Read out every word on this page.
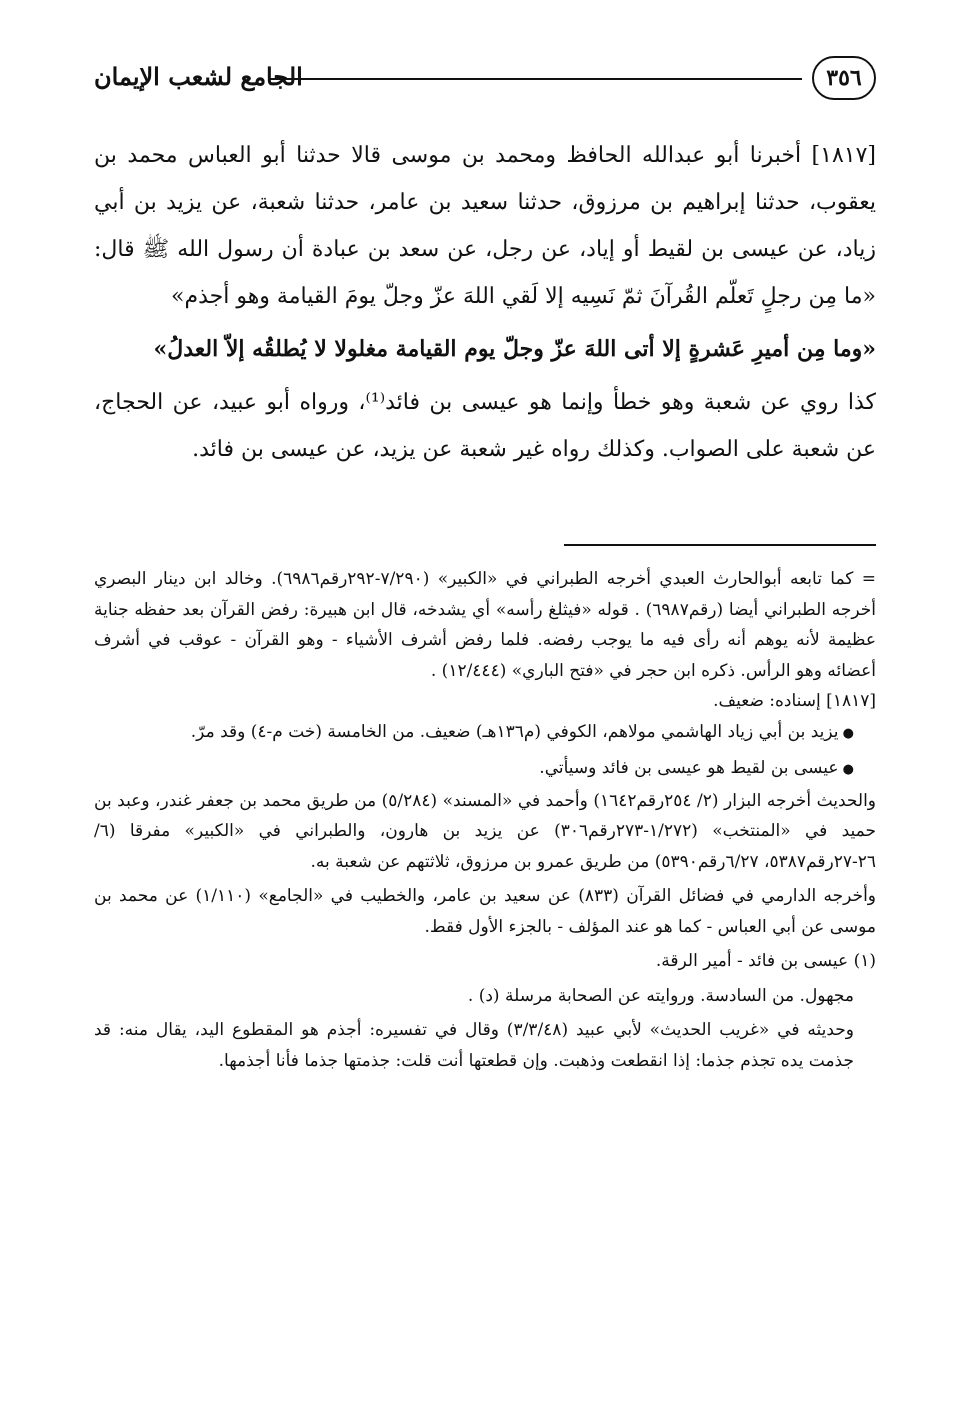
٣٥٦
الجامع لشعب الإيمان

[١٨١٧] أخبرنا أبو عبدالله الحافظ ومحمد بن موسى قالا حدثنا أبو العباس محمد بن يعقوب، حدثنا إبراهيم بن مرزوق، حدثنا سعيد بن عامر، حدثنا شعبة، عن يزيد بن أبي زياد، عن عيسى بن لقيط أو إياد، عن رجل، عن سعد بن عبادة أن رسول الله ﷺ قال: «ما مِن رجلٍ تَعلّم القُرآنَ ثمّ نَسِيه إلا لَقي اللهَ عزّ وجلّ يومَ القيامة وهو أجذم»

«وما مِن أميرِ عَشرةٍ إلا أتى اللهَ عزّ وجلّ يوم القيامة مغلولا لا يُطلقُه إلاّ العدلُ»

كذا روي عن شعبة وهو خطأ وإنما هو عيسى بن فائد⁽¹⁾، ورواه أبو عبيد، عن الحجاج، عن شعبة على الصواب. وكذلك رواه غير شعبة عن يزيد، عن عيسى بن فائد.

= كما تابعه أبوالحارث العبدي أخرجه الطبراني في «الكبير» (٧/٢٩٠-٢٩٢رقم٦٩٨٦). وخالد ابن دينار البصري أخرجه الطبراني أيضا (رقم٦٩٨٧) . قوله «فيثلغ رأسه» أي يشدخه، قال ابن هبيرة: رفض القرآن بعد حفظه جناية عظيمة لأنه يوهم أنه رأى فيه ما يوجب رفضه. فلما رفض أشرف الأشياء - وهو القرآن - عوقب في أشرف أعضائه وهو الرأس. ذكره ابن حجر في «فتح الباري» (١٢/٤٤٤) .

[١٨١٧] إسناده: ضعيف.

● يزيد بن أبي زياد الهاشمي مولاهم، الكوفي (م١٣٦هـ) ضعيف. من الخامسة (خت م-٤) وقد مرّ.

● عيسى بن لقيط هو عيسى بن فائد وسيأتي.

والحديث أخرجه البزار (٢/ ٢٥٤رقم١٦٤٢) وأحمد في «المسند» (٥/٢٨٤) من طريق محمد بن جعفر غندر، وعبد بن حميد في «المنتخب» (١/٢٧٢-٢٧٣رقم٣٠٦) عن يزيد بن هارون، والطبراني في «الكبير» مفرقا (٦/ ٢٦-٢٧رقم٥٣٨٧، ٦/٢٧رقم٥٣٩٠) من طريق عمرو بن مرزوق، ثلاثتهم عن شعبة به.

وأخرجه الدارمي في فضائل القرآن (٨٣٣) عن سعيد بن عامر، والخطيب في «الجامع» (١/١١٠) عن محمد بن موسى عن أبي العباس - كما هو عند المؤلف - بالجزء الأول فقط.

(١) عيسى بن فائد - أمير الرقة.

مجهول. من السادسة. وروايته عن الصحابة مرسلة (د) .

وحديثه في «غريب الحديث» لأبي عبيد (٣/٣/٤٨) وقال في تفسيره: أجذم هو المقطوع اليد، يقال منه: قد جذمت يده تجذم جذما: إذا انقطعت وذهبت. وإن قطعتها أنت قلت: جذمتها جذما فأنا أجذمها.
